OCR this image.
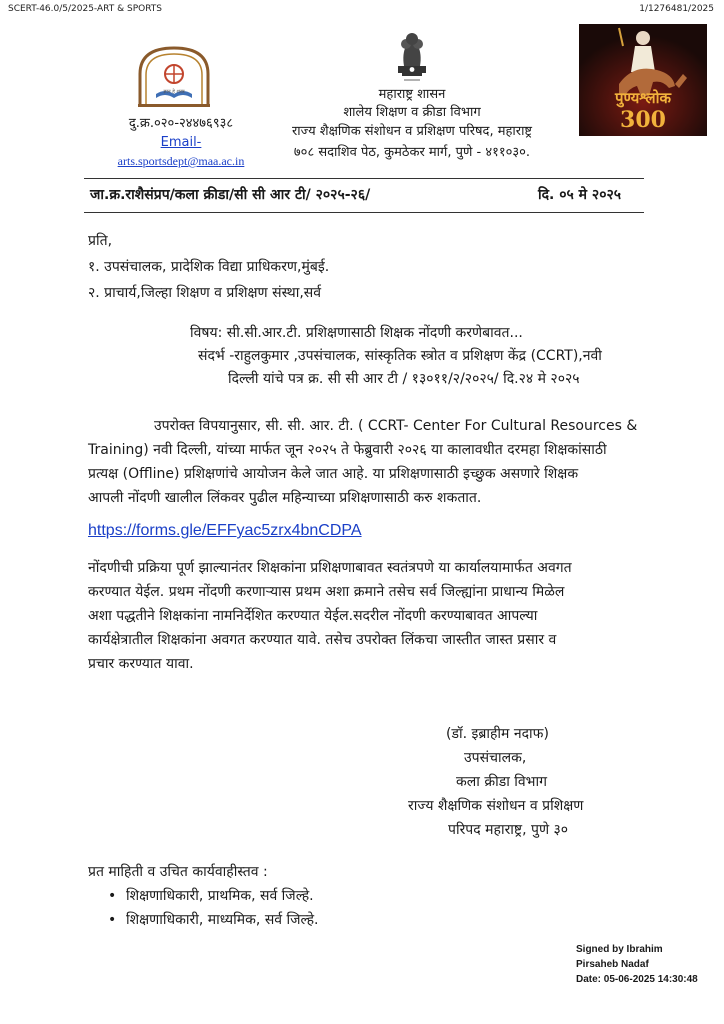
SCERT-46.0/5/2025-ART & SPORTS	1/1276481/2025
ज्ञान हे शस्त्र
दु.क्र.०२०-२४४७६९३८
Email-
arts.sportsdept@maa.ac.in
महाराष्ट्र शासन
शालेय शिक्षण व क्रीडा विभाग
राज्य शैक्षणिक संशोधन व प्रशिक्षण परिषद, महाराष्ट्र
७०८ सदाशिव पेठ, कुमठेकर मार्ग, पुणे - ४११०३०.
पुण्यश्लोक
300
जा.क्र.राशैसंप्रप/कला क्रीडा/सी सी आर टी/ २०२५-२६/	दि. ०५ मे २०२५
प्रति,
१. उपसंचालक, प्रादेशिक विद्या प्राधिकरण,मुंबई.
२. प्राचार्य,जिल्हा शिक्षण व प्रशिक्षण संस्था,सर्व
विषय: सी.सी.आर.टी. प्रशिक्षणासाठी शिक्षक नोंदणी करणेबावत...
संदर्भ -राहुलकुमार ,उपसंचालक, सांस्कृतिक स्त्रोत व प्रशिक्षण केंद्र (CCRT),नवी
दिल्ली यांचे पत्र क्र. सी सी आर टी / १३०११/२/२०२५/ दि.२४ मे २०२५
उपरोक्त विपयानुसार, सी. सी. आर. टी. ( CCRT- Center For Cultural Resources &
Training) नवी दिल्ली, यांच्या मार्फत जून २०२५ ते फेब्रुवारी २०२६ या कालावधीत दरमहा शिक्षकांसाठी
प्रत्यक्ष (Offline) प्रशिक्षणांचे आयोजन केले जात आहे. या प्रशिक्षणासाठी इच्छुक असणारे शिक्षक
आपली नोंदणी खालील लिंकवर पुढील महिन्याच्या प्रशिक्षणासाठी करु शकतात.
https://forms.gle/EFFyac5zrx4bnCDPA
नोंदणीची प्रक्रिया पूर्ण झाल्यानंतर शिक्षकांना प्रशिक्षणाबावत स्वतंत्रपणे या कार्यालयामार्फत अवगत
करण्यात येईल. प्रथम नोंदणी करणाऱ्यास प्रथम अशा क्रमाने तसेच सर्व जिल्ह्यांना प्राधान्य मिळेल
अशा पद्धतीने शिक्षकांना नामनिर्देशित करण्यात येईल.सदरील नोंदणी करण्याबावत आपल्या
कार्यक्षेत्रातील शिक्षकांना अवगत करण्यात यावे. तसेच उपरोक्त लिंकचा जास्तीत जास्त प्रसार व
प्रचार करण्यात यावा.
(डॉ. इब्राहीम नदाफ)
उपसंचालक,
कला क्रीडा विभाग
राज्य शैक्षणिक संशोधन व प्रशिक्षण
परिपद महाराष्ट्र, पुणे ३०
प्रत माहिती व उचित कार्यवाहीस्तव :
• शिक्षणाधिकारी, प्राथमिक, सर्व जिल्हे.
• शिक्षणाधिकारी, माध्यमिक, सर्व जिल्हे.
Signed by Ibrahim
Pirsaheb Nadaf
Date: 05-06-2025 14:30:48
